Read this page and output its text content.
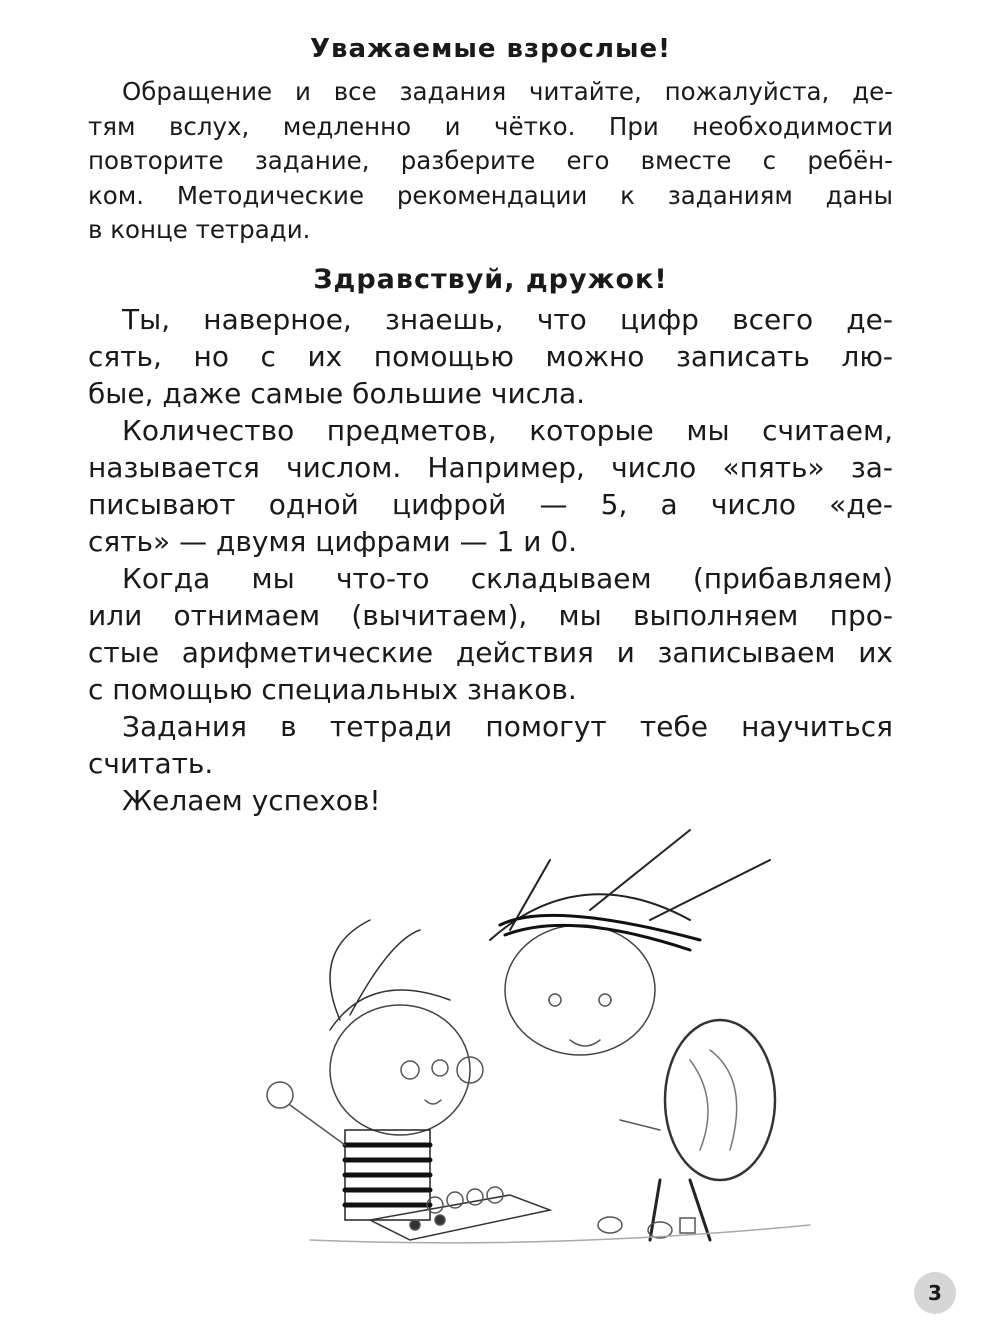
Уважаемые взрослые!
Обращение и все задания читайте, пожалуйста, де-
тям вслух, медленно и чётко. При необходимости
повторите задание, разберите его вместе с ребён-
ком. Методические рекомендации к заданиям даны
в конце тетради.
Здравствуй, дружок!
Ты, наверное, знаешь, что цифр всего де-
сять, но с их помощью можно записать лю-
бые, даже самые большие числа.
Количество предметов, которые мы считаем,
называется числом. Например, число «пять» за-
писывают одной цифрой — 5, а число «де-
сять» — двумя цифрами — 1 и 0.
Когда мы что-то складываем (прибавляем)
или отнимаем (вычитаем), мы выполняем про-
стые арифметические действия и записываем их
с помощью специальных знаков.
Задания в тетради помогут тебе научиться
считать.
Желаем успехов!
3
